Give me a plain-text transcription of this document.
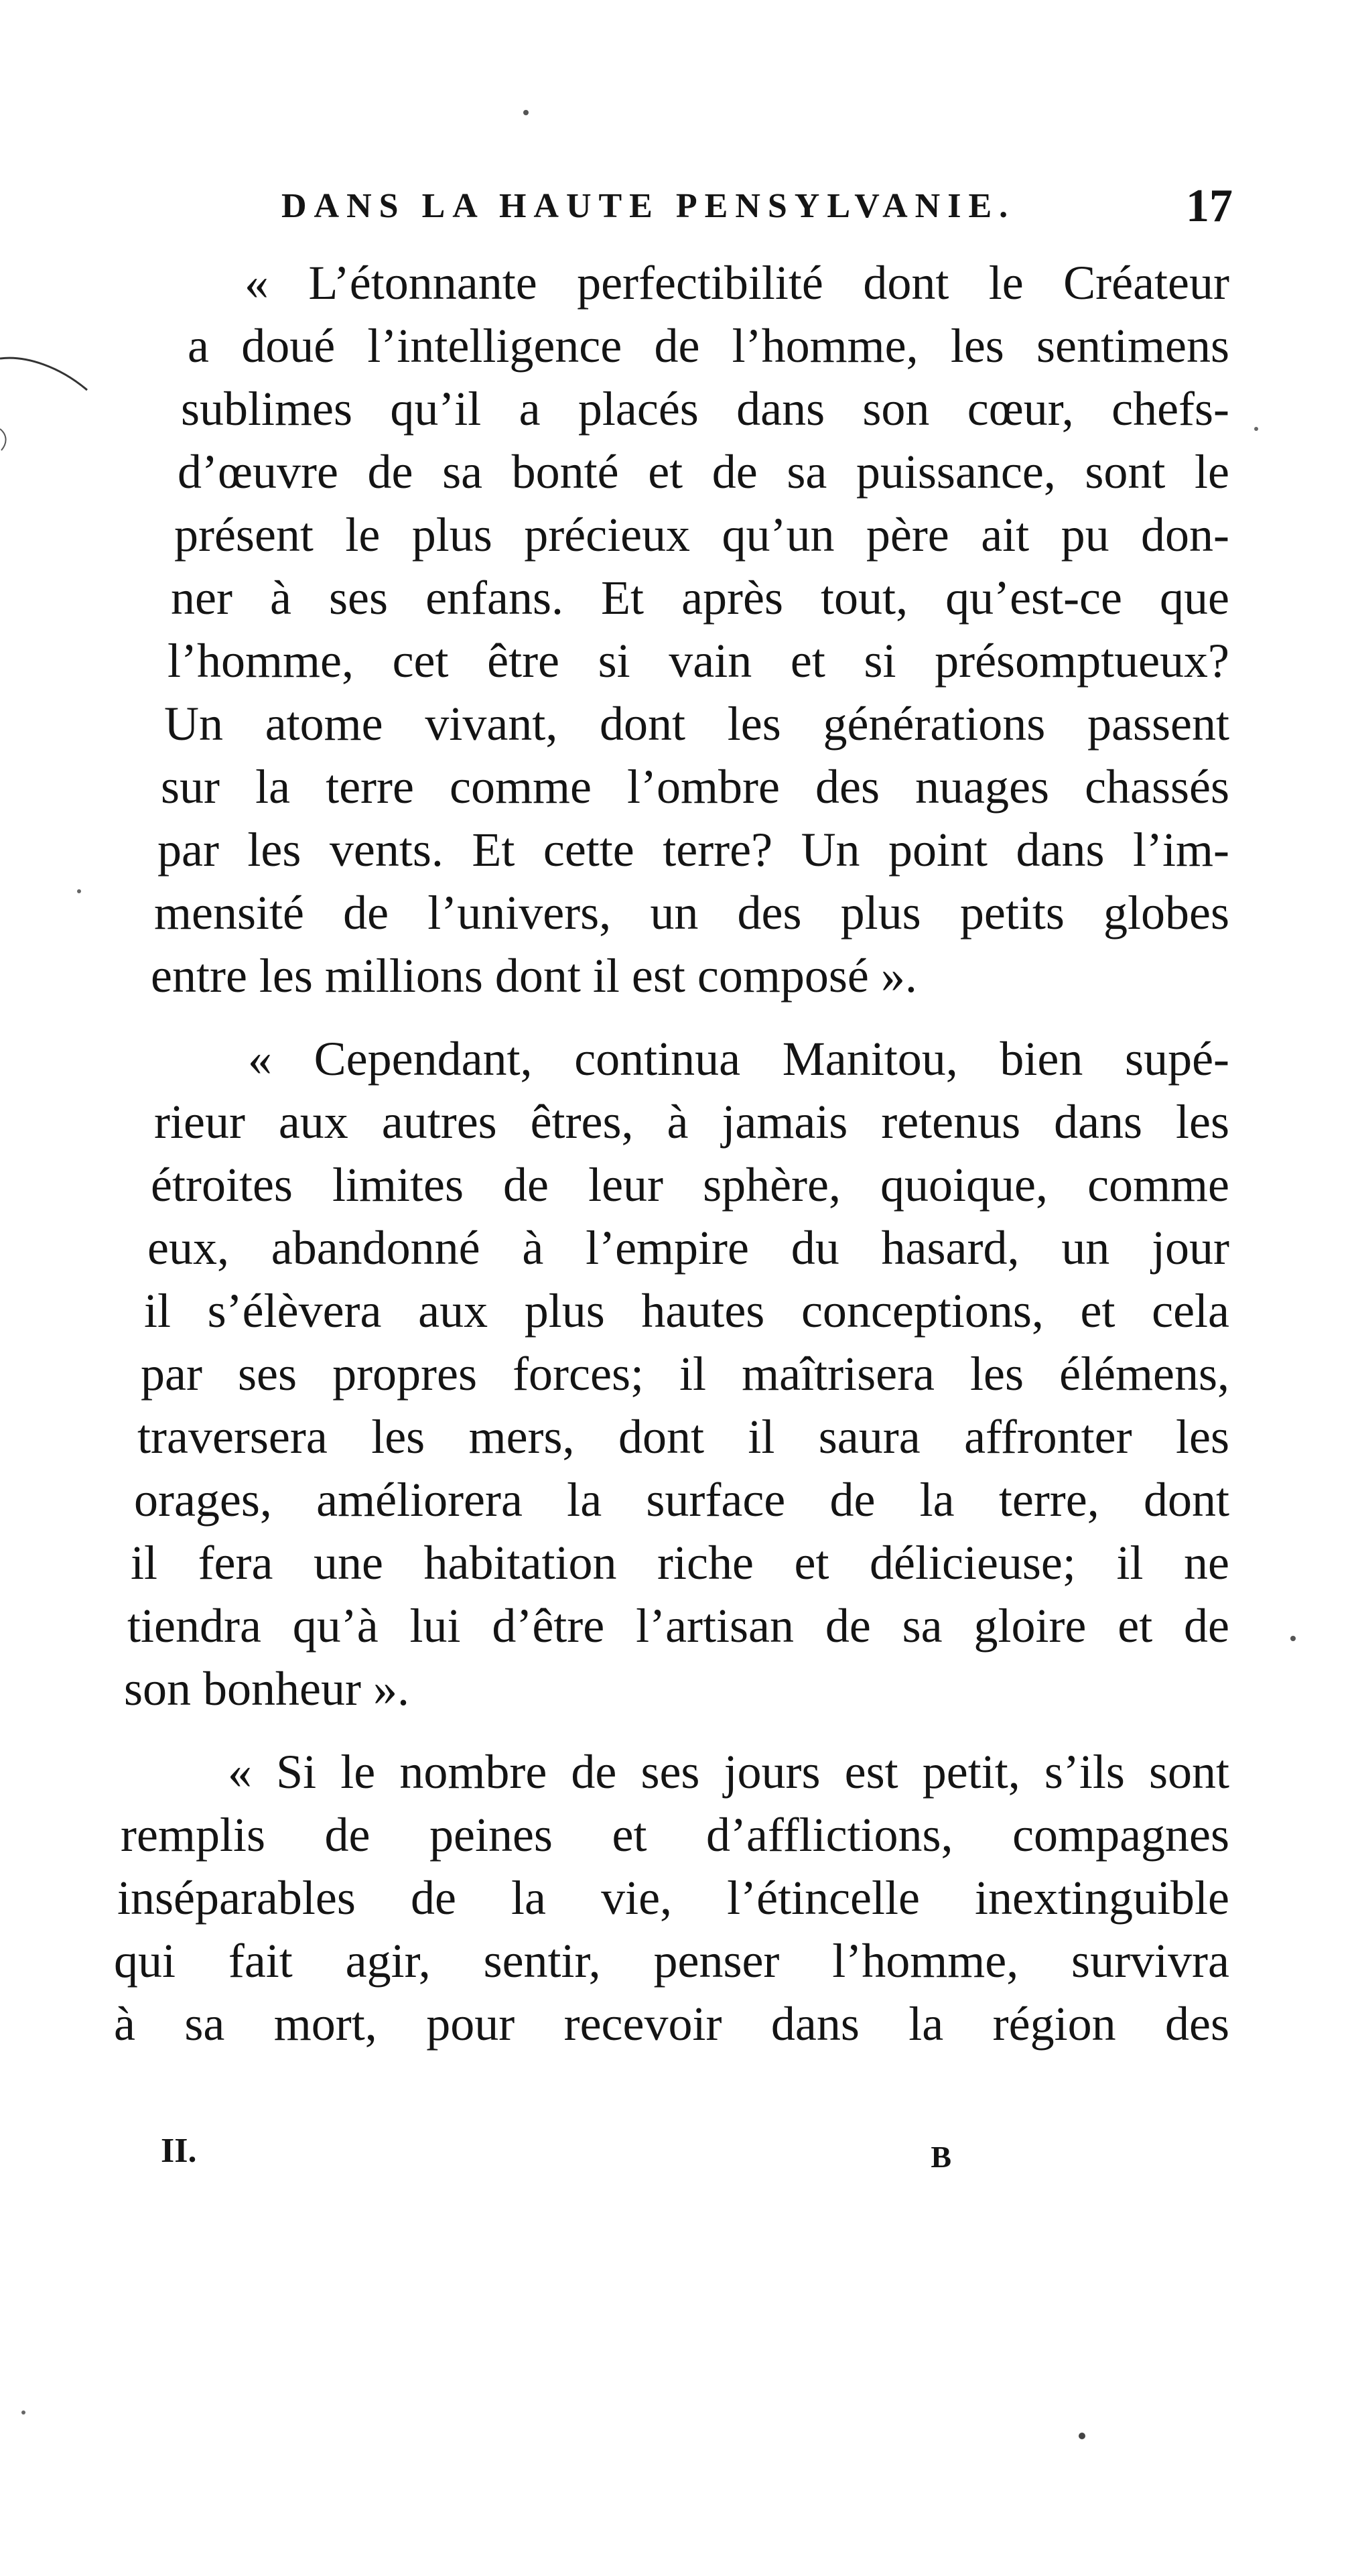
DANS LA HAUTE PENSYLVANIE.	17
« L’étonnante perfectibilité dont le Créateur
a doué l’intelligence de l’homme, les sentimens
sublimes qu’il a placés dans son cœur, chefs-
d’œuvre de sa bonté et de sa puissance, sont le
présent le plus précieux qu’un père ait pu don-
ner à ses enfans. Et après tout, qu’est-ce que
l’homme, cet être si vain et si présomptueux?
Un atome vivant, dont les générations passent
sur la terre comme l’ombre des nuages chassés
par les vents. Et cette terre? Un point dans l’im-
mensité de l’univers, un des plus petits globes
entre les millions dont il est composé ».
« Cependant, continua Manitou, bien supé-
rieur aux autres êtres, à jamais retenus dans les
étroites limites de leur sphère, quoique, comme
eux, abandonné à l’empire du hasard, un jour
il s’élèvera aux plus hautes conceptions, et cela
par ses propres forces; il maîtrisera les élémens,
traversera les mers, dont il saura affronter les
orages, améliorera la surface de la terre, dont
il fera une habitation riche et délicieuse; il ne
tiendra qu’à lui d’être l’artisan de sa gloire et de
son bonheur ».
« Si le nombre de ses jours est petit, s’ils sont
remplis de peines et d’afflictions, compagnes
inséparables de la vie, l’étincelle inextinguible
qui fait agir, sentir, penser l’homme, survivra
à sa mort, pour recevoir dans la région des
II.	B
